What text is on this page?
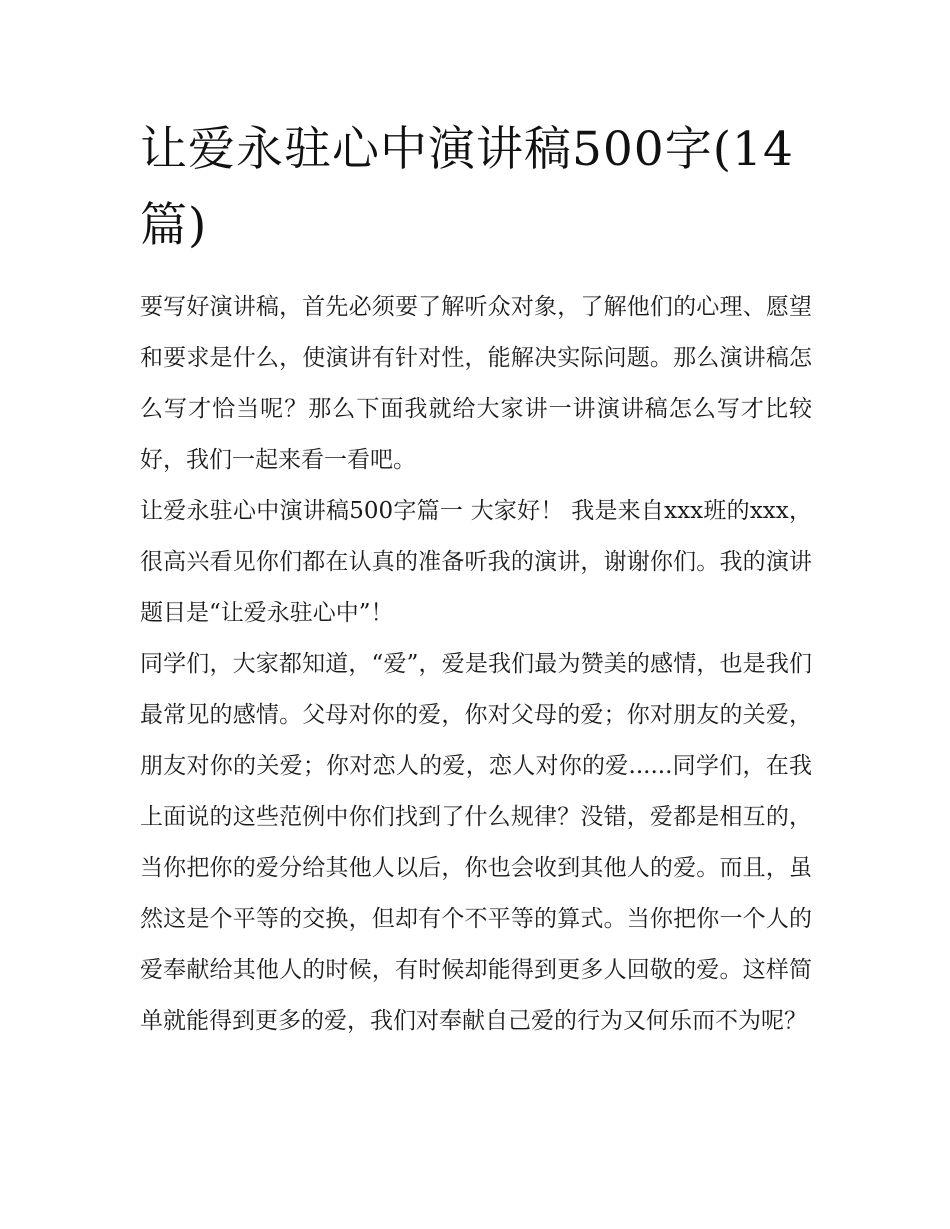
让爱永驻心中演讲稿500字(14篇)

要写好演讲稿，首先必须要了解听众对象，了解他们的心理、愿望和要求是什么，使演讲有针对性，能解决实际问题。那么演讲稿怎么写才恰当呢？那么下面我就给大家讲一讲演讲稿怎么写才比较好，我们一起来看一看吧。

让爱永驻心中演讲稿500字篇一 大家好！ 我是来自xxx班的xxx，很高兴看见你们都在认真的准备听我的演讲，谢谢你们。我的演讲题目是“让爱永驻心中”！

同学们，大家都知道，“爱”，爱是我们最为赞美的感情，也是我们最常见的感情。父母对你的爱，你对父母的爱；你对朋友的关爱，朋友对你的关爱；你对恋人的爱，恋人对你的爱......同学们，在我上面说的这些范例中你们找到了什么规律？没错，爱都是相互的，当你把你的爱分给其他人以后，你也会收到其他人的爱。而且，虽然这是个平等的交换，但却有个不平等的算式。当你把你一个人的爱奉献给其他人的时候，有时候却能得到更多人回敬的爱。这样简单就能得到更多的爱，我们对奉献自己爱的行为又何乐而不为呢？
